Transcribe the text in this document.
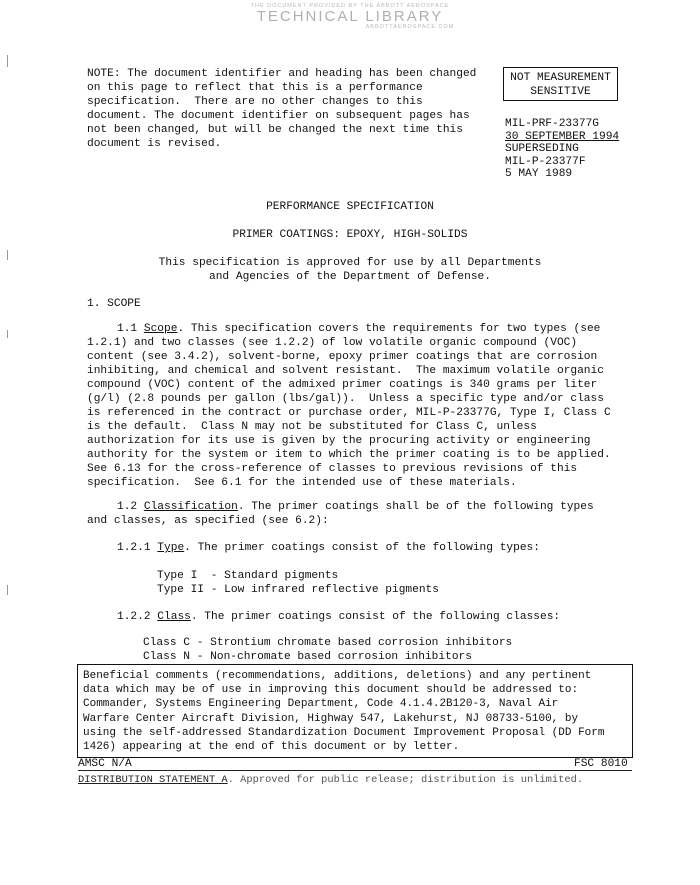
THE DOCUMENT PROVIDED BY THE ABBOTT AEROSPACE
TECHNICAL LIBRARY
ABBOTTAEROSPACE.COM
NOTE: The document identifier and heading has been changed
on this page to reflect that this is a performance
specification.  There are no other changes to this
document. The document identifier on subsequent pages has
not been changed, but will be changed the next time this
document is revised.
NOT MEASUREMENT
SENSITIVE
MIL-PRF-23377G
30 SEPTEMBER 1994
SUPERSEDING
MIL-P-23377F
5 MAY 1989
PERFORMANCE SPECIFICATION
PRIMER COATINGS: EPOXY, HIGH-SOLIDS
This specification is approved for use by all Departments
and Agencies of the Department of Defense.
1. SCOPE
1.1 Scope. This specification covers the requirements for two types (see
1.2.1) and two classes (see 1.2.2) of low volatile organic compound (VOC)
content (see 3.4.2), solvent-borne, epoxy primer coatings that are corrosion
inhibiting, and chemical and solvent resistant.  The maximum volatile organic
compound (VOC) content of the admixed primer coatings is 340 grams per liter
(g/l) (2.8 pounds per gallon (lbs/gal)).  Unless a specific type and/or class
is referenced in the contract or purchase order, MIL-P-23377G, Type I, Class C
is the default.  Class N may not be substituted for Class C, unless
authorization for its use is given by the procuring activity or engineering
authority for the system or item to which the primer coating is to be applied.
See 6.13 for the cross-reference of classes to previous revisions of this
specification.  See 6.1 for the intended use of these materials.
1.2 Classification. The primer coatings shall be of the following types
and classes, as specified (see 6.2):
1.2.1 Type. The primer coatings consist of the following types:
Type I  - Standard pigments
Type II - Low infrared reflective pigments
1.2.2 Class. The primer coatings consist of the following classes:
Class C - Strontium chromate based corrosion inhibitors
Class N - Non-chromate based corrosion inhibitors
Beneficial comments (recommendations, additions, deletions) and any pertinent
data which may be of use in improving this document should be addressed to:
Commander, Systems Engineering Department, Code 4.1.4.2B120-3, Naval Air
Warfare Center Aircraft Division, Highway 547, Lakehurst, NJ 08733-5100, by
using the self-addressed Standardization Document Improvement Proposal (DD Form
1426) appearing at the end of this document or by letter.
AMSC N/A	FSC 8010
DISTRIBUTION STATEMENT A. Approved for public release; distribution is unlimited.
